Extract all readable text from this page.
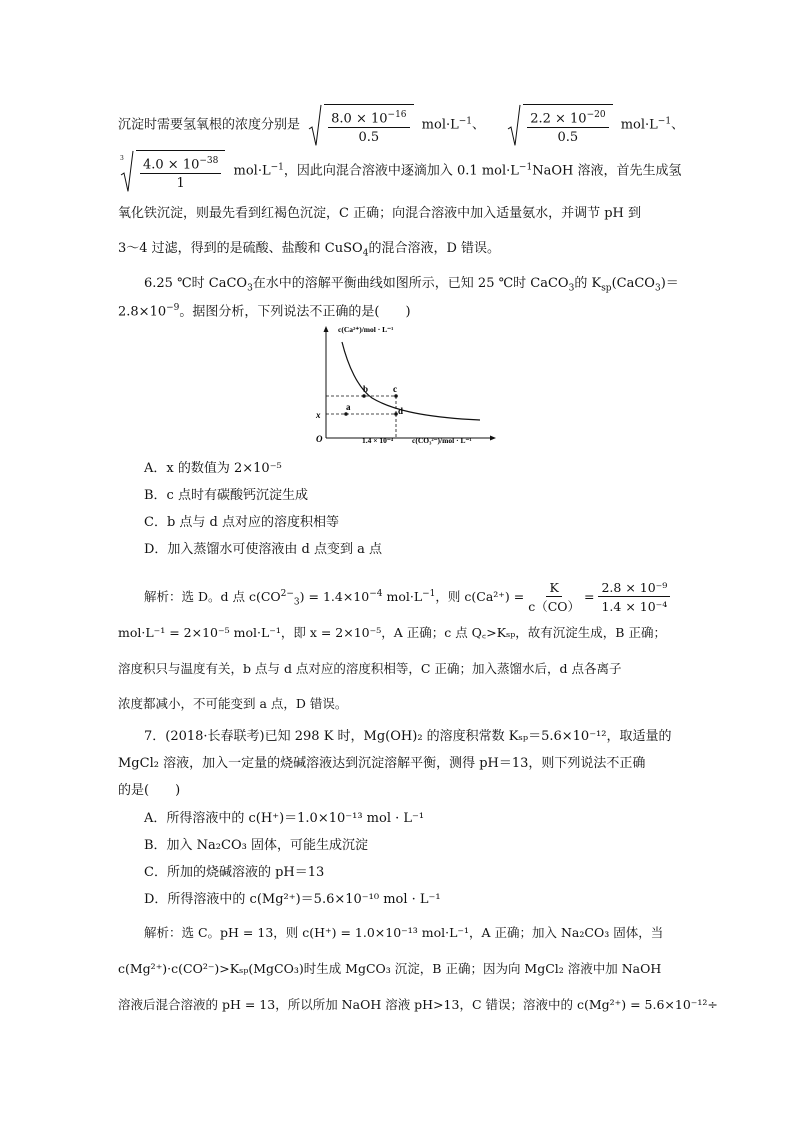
沉淀时需要氢氧根的浓度分别是 $\frac{8.0 \times 10^{-16}}{0.5} mol\cdot L^{-1}$、	$\frac{2.2 \times 10^{-20}}{0.5} mol\cdot L^{-1}$、
$3 \frac{4.0 \times 10^{-38}}{1} mol\cdot L^{-1}$，因此向混合溶液中逐滴加入 0.1 $mol\cdot L^{-1}NaOH$ 溶液，首先生成氢
氧化铁沉淀，则最先看到红褐色沉淀，C 正确；向混合溶液中加入适量氨水，并调节 pH 到
3～4 过滤，得到的是硫酸、盐酸和 CuSO$_4$的混合溶液，D 错误。
6.25 ℃时 CaCO$_3$在水中的溶解平衡曲线如图所示，已知 25 ℃时 CaCO$_3$的 $K_{sp}(CaCO_3)=$
$2.8\times 10^{-9}$。据图分析，下列说法不正确的是(　　)
a
b	c
d
x
O	1.4 × 10⁻⁴
c(Ca²⁺)/mol · L⁻¹
c(CO₃²⁻)/mol · L⁻¹
A．x 的数值为 2×10⁻⁵
B．c 点时有碳酸钙沉淀生成
C．b 点与 d 点对应的溶度积相等
D．加入蒸馏水可使溶液由 d 点变到 a 点
解析：选 D。d 点 $c(CO^{2-}_3) = 1.4\times 10^{-4}$ $mol\cdot L^{-1}$，则 $c(Ca^{2+}) = \frac{K}{c(CO)} = \frac{\text{2.8 × 10⁻⁹}}{\text{1.4 × 10⁻⁴}}$
mol·L⁻¹ = 2×10⁻⁵ mol·L⁻¹，即 x = 2×10⁻⁵，A 正确；c 点 Q꜀>Kₛₚ，故有沉淀生成，B 正确；
溶度积只与温度有关，b 点与 d 点对应的溶度积相等，C 正确；加入蒸馏水后，d 点各离子
浓度都减小，不可能变到 a 点，D 错误。
7．(2018·长春联考)已知 298 K 时，Mg(OH)₂ 的溶度积常数 Kₛₚ＝5.6×10⁻¹²，取适量的
MgCl₂ 溶液，加入一定量的烧碱溶液达到沉淀溶解平衡，测得 pH＝13，则下列说法不正确
的是(　　)
A．所得溶液中的 c(H⁺)＝1.0×10⁻¹³ mol · L⁻¹
B．加入 Na₂CO₃ 固体，可能生成沉淀
C．所加的烧碱溶液的 pH＝13
D．所得溶液中的 c(Mg²⁺)＝5.6×10⁻¹⁰ mol · L⁻¹
解析：选 C。pH = 13，则 c(H⁺) = 1.0×10⁻¹³ mol·L⁻¹，A 正确；加入 Na₂CO₃ 固体，当
c(Mg²⁺)·c(CO²⁻)>Kₛₚ(MgCO₃)时生成 MgCO₃ 沉淀，B 正确；因为向 MgCl₂ 溶液中加 NaOH
溶液后混合溶液的 pH = 13，所以所加 NaOH 溶液 pH>13，C 错误；溶液中的 c(Mg²⁺) = 5.6×10⁻¹²÷
